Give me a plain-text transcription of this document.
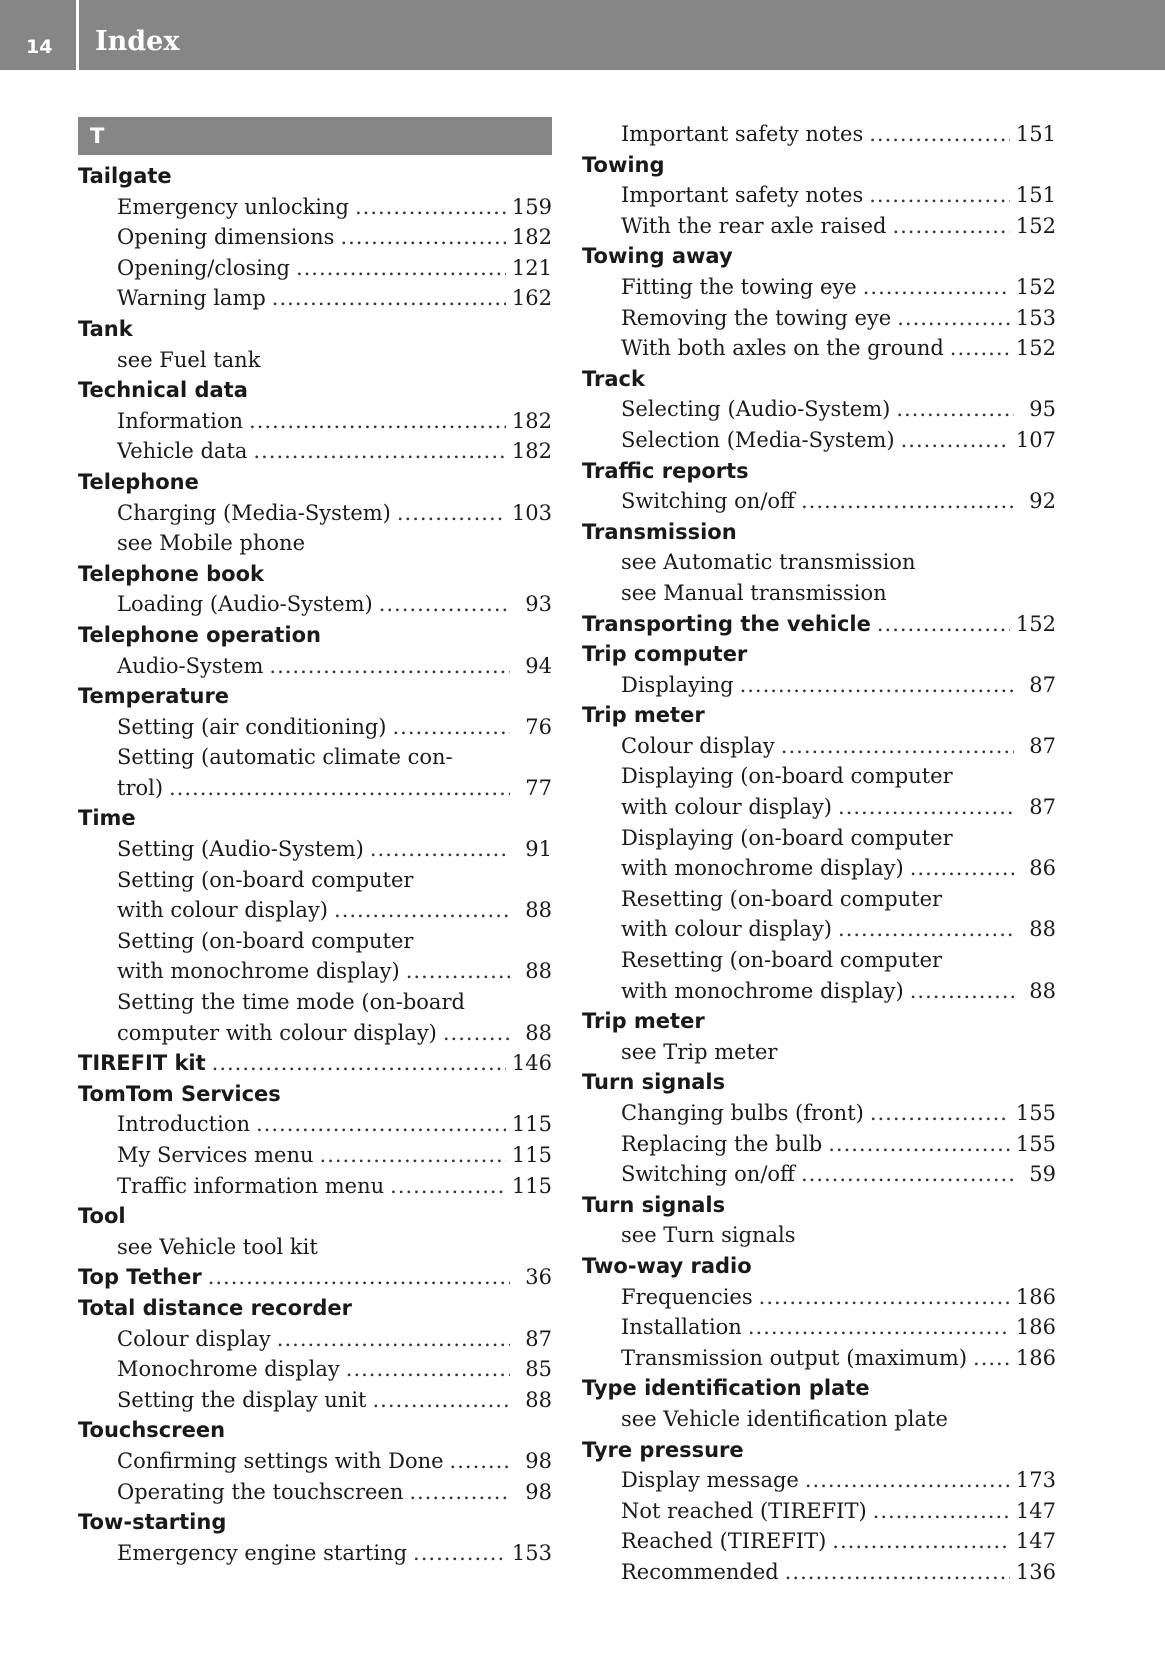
14 Index
T
Tailgate
Emergency unlocking .....	159
Opening dimensions .....	182
Opening/closing .....	121
Warning lamp .....	162
Tank
see Fuel tank
Technical data
Information .....	182
Vehicle data .....	182
Telephone
Charging (Media-System) .....	103
see Mobile phone
Telephone book
Loading (Audio-System) .....	93
Telephone operation
Audio-System .....	94
Temperature
Setting (air conditioning) .....	76
Setting (automatic climate con-
trol) .....	77
Time
Setting (Audio-System) .....	91
Setting (on-board computer
with colour display) .....	88
Setting (on-board computer
with monochrome display) .....	88
Setting the time mode (on-board
computer with colour display) .....	88
TIREFIT kit .....	146
TomTom Services
Introduction .....	115
My Services menu .....	115
Traffic information menu .....	115
Tool
see Vehicle tool kit
Top Tether .....	36
Total distance recorder
Colour display .....	87
Monochrome display .....	85
Setting the display unit .....	88
Touchscreen
Confirming settings with Done .....	98
Operating the touchscreen .....	98
Tow-starting
Emergency engine starting .....	153
Important safety notes .....	151
Towing
Important safety notes .....	151
With the rear axle raised .....	152
Towing away
Fitting the towing eye .....	152
Removing the towing eye .....	153
With both axles on the ground .....	152
Track
Selecting (Audio-System) .....	95
Selection (Media-System) .....	107
Traffic reports
Switching on/off .....	92
Transmission
see Automatic transmission
see Manual transmission
Transporting the vehicle .....	152
Trip computer
Displaying .....	87
Trip meter
Colour display .....	87
Displaying (on-board computer
with colour display) .....	87
Displaying (on-board computer
with monochrome display) .....	86
Resetting (on-board computer
with colour display) .....	88
Resetting (on-board computer
with monochrome display) .....	88
Trip meter
see Trip meter
Turn signals
Changing bulbs (front) .....	155
Replacing the bulb .....	155
Switching on/off .....	59
Turn signals
see Turn signals
Two-way radio
Frequencies .....	186
Installation .....	186
Transmission output (maximum) ..... 186
Type identification plate
see Vehicle identification plate
Tyre pressure
Display message .....	173
Not reached (TIREFIT) .....	147
Reached (TIREFIT) .....	147
Recommended .....	136
